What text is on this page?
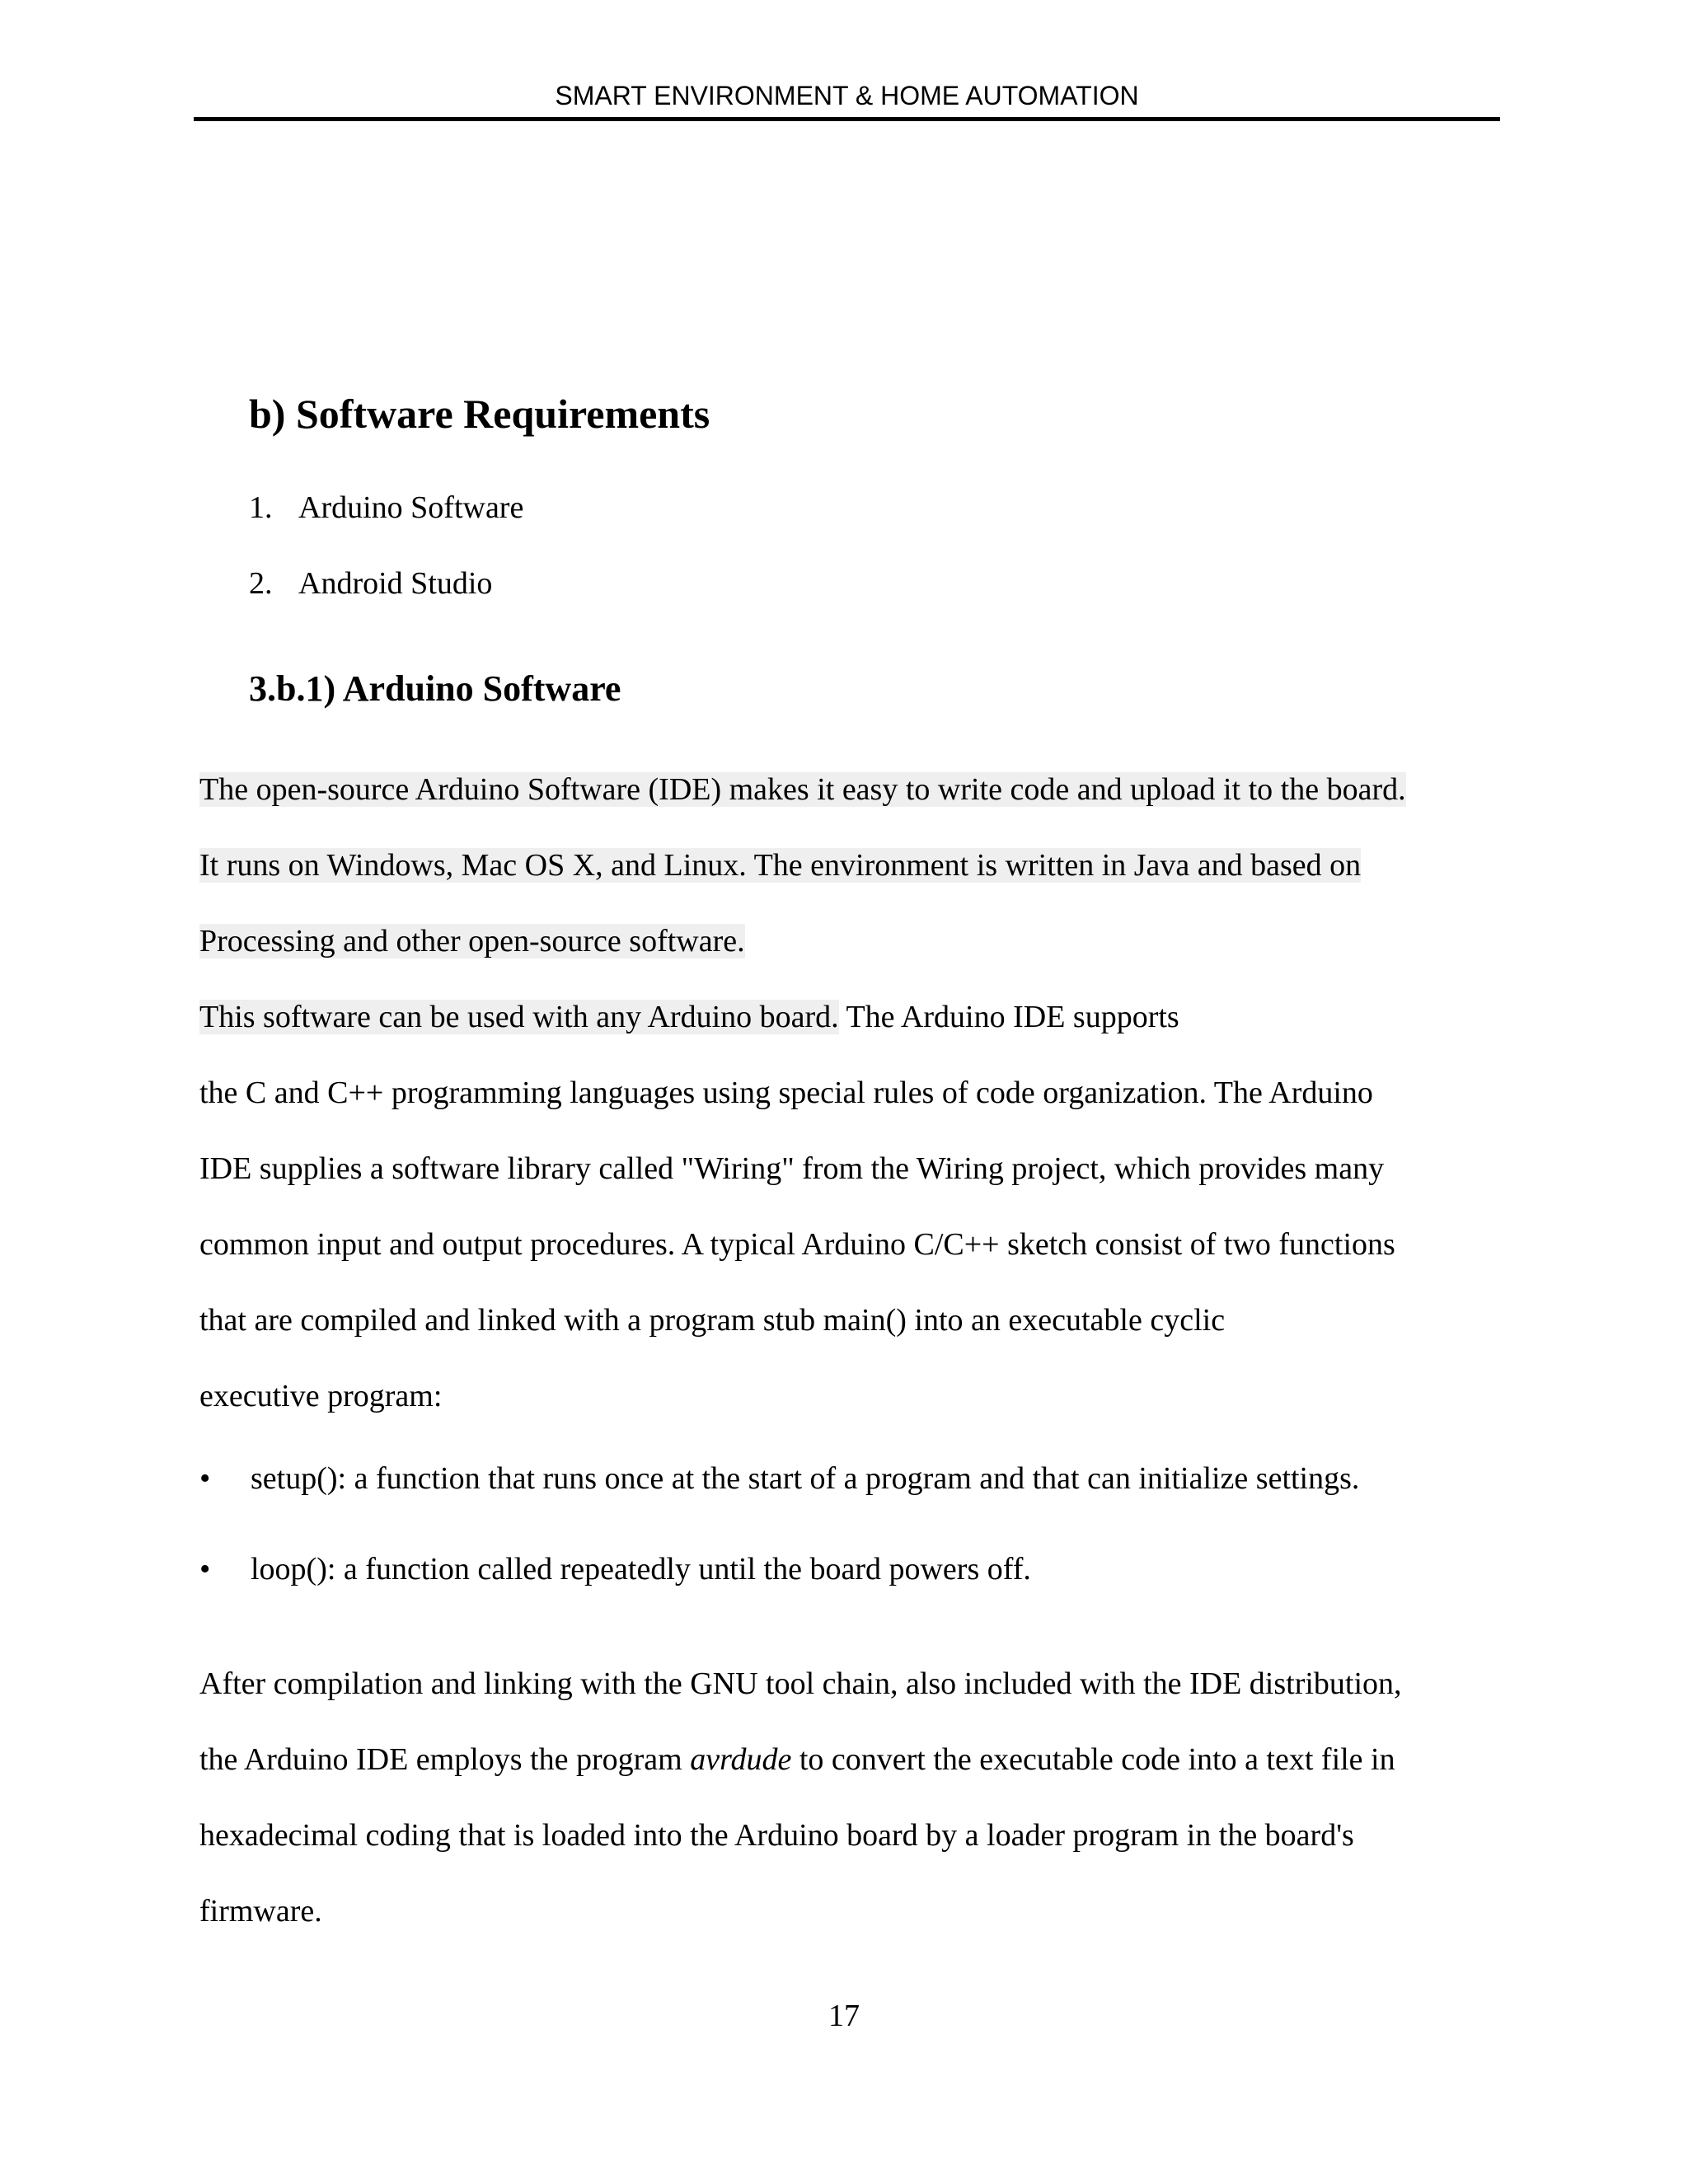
SMART ENVIRONMENT & HOME AUTOMATION
b) Software Requirements
1. Arduino Software
2. Android Studio
3.b.1) Arduino Software
The open-source Arduino Software (IDE) makes it easy to write code and upload it to the board.
It runs on Windows, Mac OS X, and Linux. The environment is written in Java and based on
Processing and other open-source software.
This software can be used with any Arduino board. The Arduino IDE supports
the C and C++ programming languages using special rules of code organization. The Arduino
IDE supplies a software library called "Wiring" from the Wiring project, which provides many
common input and output procedures. A typical Arduino C/C++ sketch consist of two functions
that are compiled and linked with a program stub main() into an executable cyclic
executive program:
• setup(): a function that runs once at the start of a program and that can initialize settings.
• loop(): a function called repeatedly until the board powers off.
After compilation and linking with the GNU tool chain, also included with the IDE distribution,
the Arduino IDE employs the program avrdude to convert the executable code into a text file in
hexadecimal coding that is loaded into the Arduino board by a loader program in the board's
firmware.
17
